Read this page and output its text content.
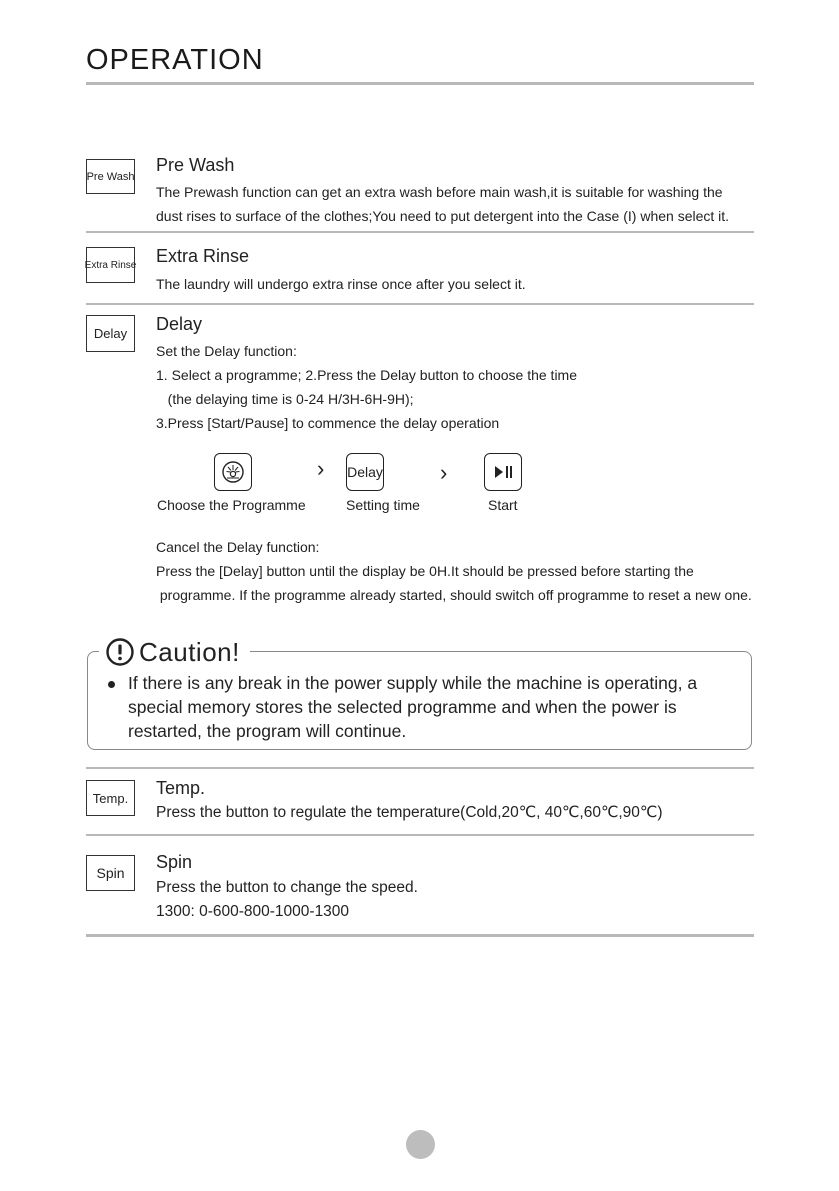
OPERATION
Pre Wash
Pre Wash
The Prewash function can get an extra wash before main wash,it is suitable for washing the
dust rises to surface of the clothes;You need to put detergent into the Case (I) when select it.
Extra Rinse Extra Rinse
The laundry will undergo extra rinse once after you select it.
Delay	Delay
Set the Delay function:
1. Select a programme; 2.Press the Delay button to choose the time
(the delaying time is 0-24 H/3H-6H-9H);
3.Press [Start/Pause] to commence the delay operation
› Delay	›
Choose the Programme	Setting time	Start
Cancel the Delay function:
Press the [Delay] button until the display be 0H.It should be pressed before starting the
programme. If the programme already started, should switch off programme to reset a new one.
Caution!
If there is any break in the power supply while the machine is operating, a special memory stores the selected programme and when the power is restarted, the program will continue.
Temp.	Temp.
Press the button to regulate the temperature(Cold,20℃, 40℃,60℃,90℃)
Spin
Spin
Press the button to change the speed.
1300: 0-600-800-1000-1300
